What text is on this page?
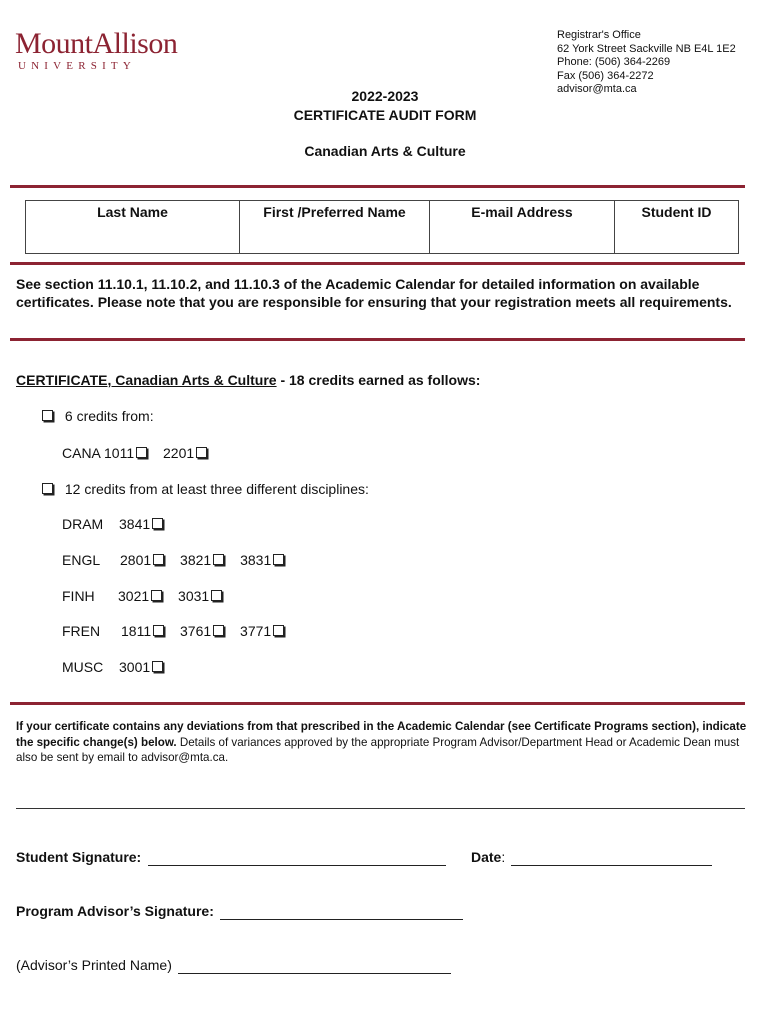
MountAllison
UNIVERSITY
Registrar's Office
62 York Street Sackville NB E4L 1E2
Phone: (506) 364-2269
Fax (506) 364-2272
advisor@mta.ca
2022-2023
CERTIFICATE AUDIT FORM
Canadian Arts & Culture
Last Name	First /Preferred Name	E-mail Address	Student ID
See section 11.10.1, 11.10.2, and 11.10.3 of the Academic Calendar for detailed information on available certificates. Please note that you are responsible for ensuring that your registration meets all requirements.
CERTIFICATE, Canadian Arts & Culture - 18 credits earned as follows:
6 credits from:
CANA 1011 2201
12 credits from at least three different disciplines:
DRAM 3841
ENGL 2801 3821 3831
FINH 3021 3031
FREN 1811 3761 3771
MUSC 3001
If your certificate contains any deviations from that prescribed in the Academic Calendar (see Certificate Programs section), indicate the specific change(s) below. Details of variances approved by the appropriate Program Advisor/Department Head or Academic Dean must also be sent by email to advisor@mta.ca.
Student Signature:	Date:
Program Advisor’s Signature:
(Advisor’s Printed Name)
